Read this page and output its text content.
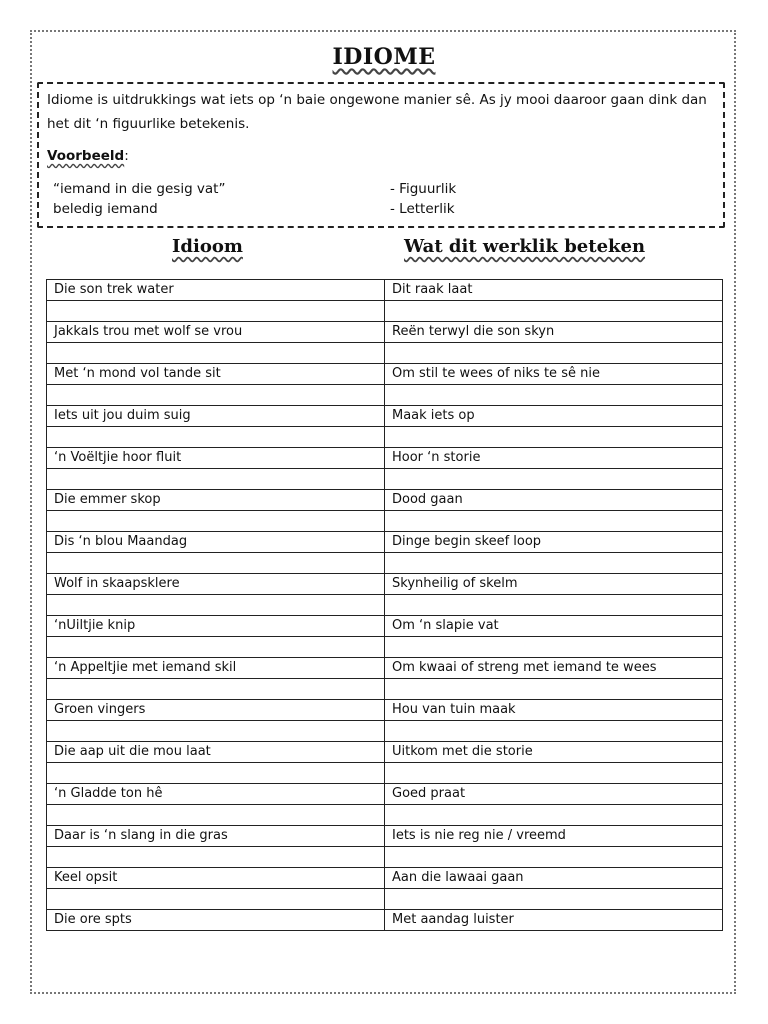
IDIOME
Idiome is uitdrukkings wat iets op ‘n baie ongewone manier sê. As jy mooi daaroor gaan dink dan het dit ‘n figuurlike betekenis.
Voorbeeld:
“iemand in die gesig vat”	- Figuurlik
beledig iemand	- Letterlik
Idioom	Wat dit werklik beteken
Die son trek water	Dit raak laat

Jakkals trou met wolf se vrou	Reën terwyl die son skyn

Met ‘n mond vol tande sit	Om stil te wees of niks te sê nie

Iets uit jou duim suig	Maak iets op

‘n Voëltjie hoor fluit	Hoor ‘n storie

Die emmer skop	Dood gaan

Dis ‘n blou Maandag	Dinge begin skeef loop

Wolf in skaapsklere	Skynheilig of skelm

‘nUiltjie knip	Om ‘n slapie vat

‘n Appeltjie met iemand skil	Om kwaai of streng met iemand te wees

Groen vingers	Hou van tuin maak

Die aap uit die mou laat	Uitkom met die storie

‘n Gladde ton hê	Goed praat

Daar is ‘n slang in die gras	Iets is nie reg nie / vreemd

Keel opsit	Aan die lawaai gaan

Die ore spts	Met aandag luister
